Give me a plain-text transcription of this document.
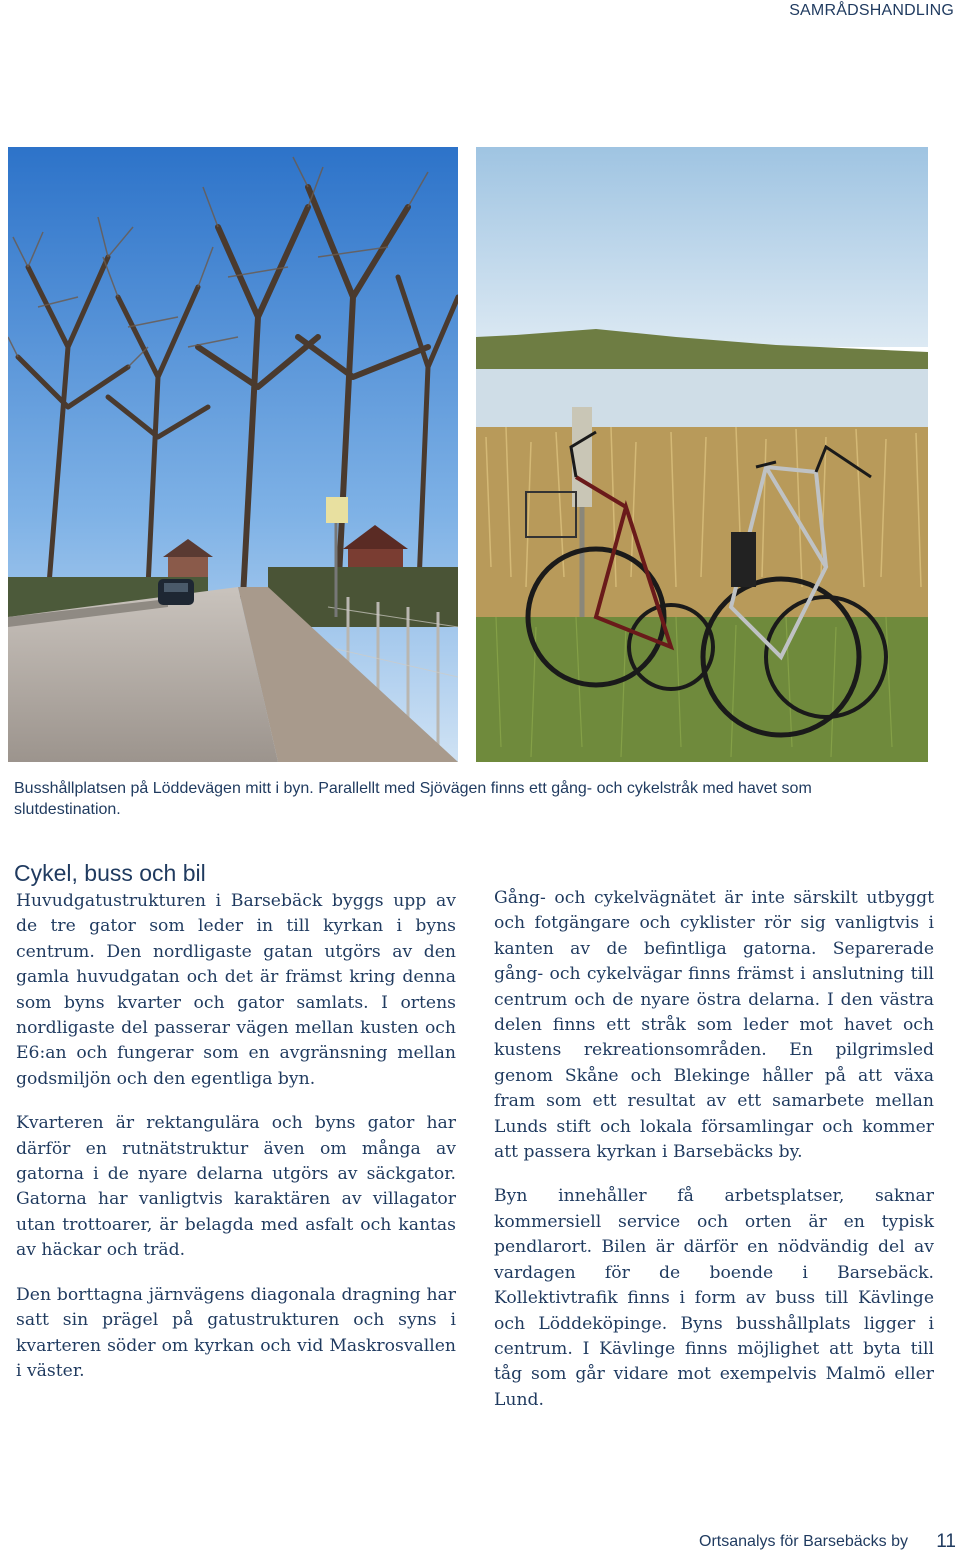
SAMRÅDSHANDLING
Busshållplatsen på Löddevägen mitt i byn. Parallellt med Sjövägen finns ett gång- och cykelstråk med havet som slutdestination.
Cykel, buss och bil

Huvudgatustrukturen i Barsebäck byggs upp av de tre gator som leder in till kyrkan i byns centrum. Den nordligaste gatan utgörs av den gamla huvudgatan och det är främst kring denna som byns kvarter och gator samlats. I ortens nordligaste del passerar vägen mellan kusten och E6:an och fungerar som en avgränsning mellan godsmiljön och den egentliga byn.

Kvarteren är rektangulära och byns gator har därför en rutnätstruktur även om många av gatorna i de nyare delarna utgörs av säckgator. Gatorna har vanligtvis karaktären av villagator utan trottoarer, är belagda med asfalt och kantas av häckar och träd.

Den borttagna järnvägens diagonala dragning har satt sin prägel på gatustrukturen och syns i kvarteren söder om kyrkan och vid Maskrosvallen i väster.

Gång- och cykelvägnätet är inte särskilt utbyggt och fotgängare och cyklister rör sig vanligtvis i kanten av de befintliga gatorna. Separerade gång- och cykelvägar finns främst i anslutning till centrum och de nyare östra delarna. I den västra delen finns ett stråk som leder mot havet och kustens rekreationsområden. En pilgrimsled genom Skåne och Blekinge håller på att växa fram som ett resultat av ett samarbete mellan Lunds stift och lokala församlingar och kommer att passera kyrkan i Barsebäcks by.

Byn innehåller få arbetsplatser, saknar kommersiell service och orten är en typisk pendlarort. Bilen är därför en nödvändig del av vardagen för de boende i Barsebäck. Kollektivtrafik finns i form av buss till Kävlinge och Löddeköpinge. Byns busshållplats ligger i centrum. I Kävlinge finns möjlighet att byta till tåg som går vidare mot exempelvis Malmö eller Lund.

Ortsanalys för Barsebäcks by 11
